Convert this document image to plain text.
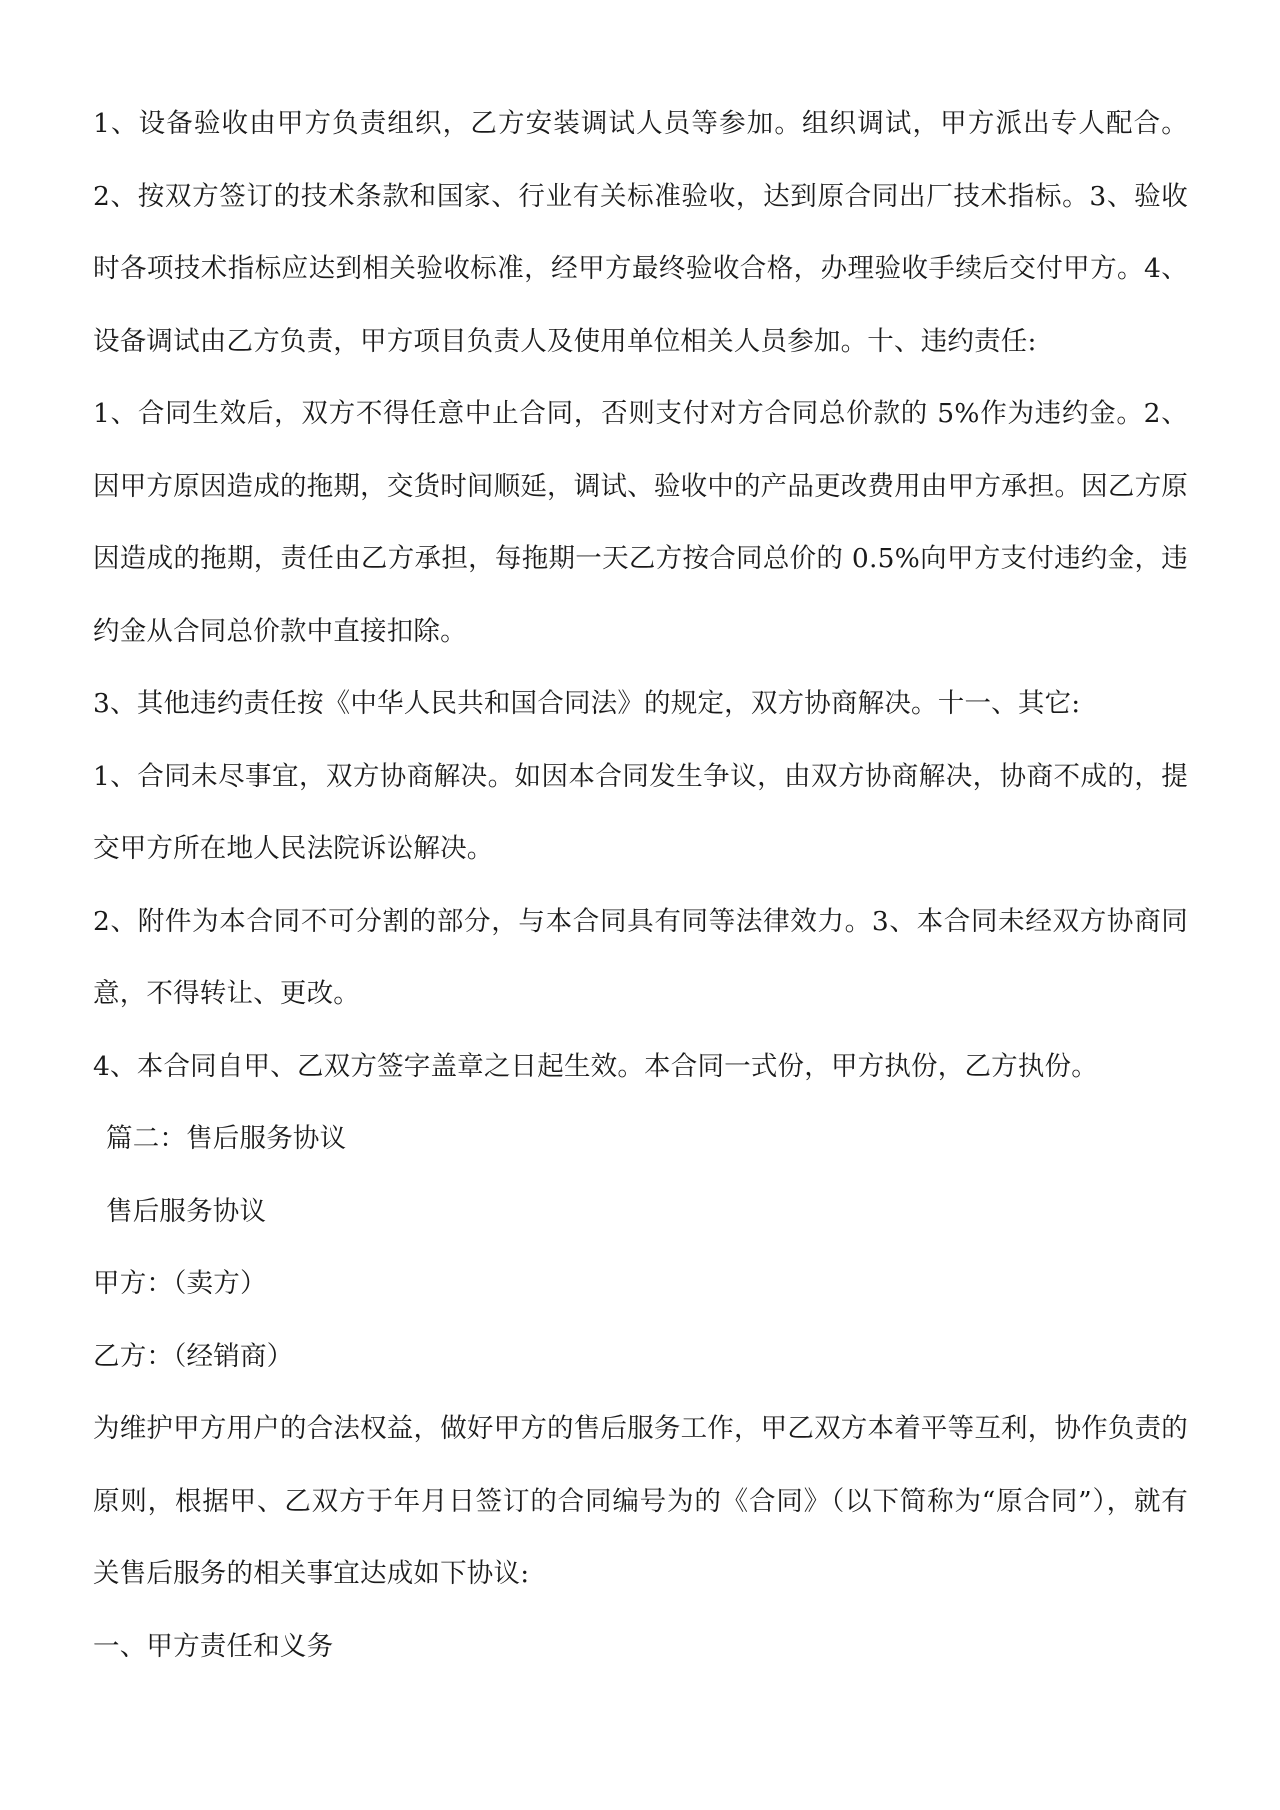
1、设备验收由甲方负责组织，乙方安装调试人员等参加。组织调试，甲方派出专人配合。2、按双方签订的技术条款和国家、行业有关标准验收，达到原合同出厂技术指标。3、验收时各项技术指标应达到相关验收标准，经甲方最终验收合格，办理验收手续后交付甲方。4、设备调试由乙方负责，甲方项目负责人及使用单位相关人员参加。十、违约责任:

1、合同生效后，双方不得任意中止合同，否则支付对方合同总价款的 5%作为违约金。2、因甲方原因造成的拖期，交货时间顺延，调试、验收中的产品更改费用由甲方承担。因乙方原因造成的拖期，责任由乙方承担，每拖期一天乙方按合同总价的 0.5%向甲方支付违约金，违约金从合同总价款中直接扣除。

3、其他违约责任按《中华人民共和国合同法》的规定，双方协商解决。十一、其它:

1、合同未尽事宜，双方协商解决。如因本合同发生争议，由双方协商解决，协商不成的，提交甲方所在地人民法院诉讼解决。

2、附件为本合同不可分割的部分，与本合同具有同等法律效力。3、本合同未经双方协商同意，不得转让、更改。

4、本合同自甲、乙双方签字盖章之日起生效。本合同一式份，甲方执份，乙方执份。

篇二：售后服务协议

售后服务协议

甲方：（卖方）

乙方：（经销商）

为维护甲方用户的合法权益，做好甲方的售后服务工作，甲乙双方本着平等互利，协作负责的原则，根据甲、乙双方于年月日签订的合同编号为的《合同》（以下简称为“原合同”），就有关售后服务的相关事宜达成如下协议:

一、甲方责任和义务
